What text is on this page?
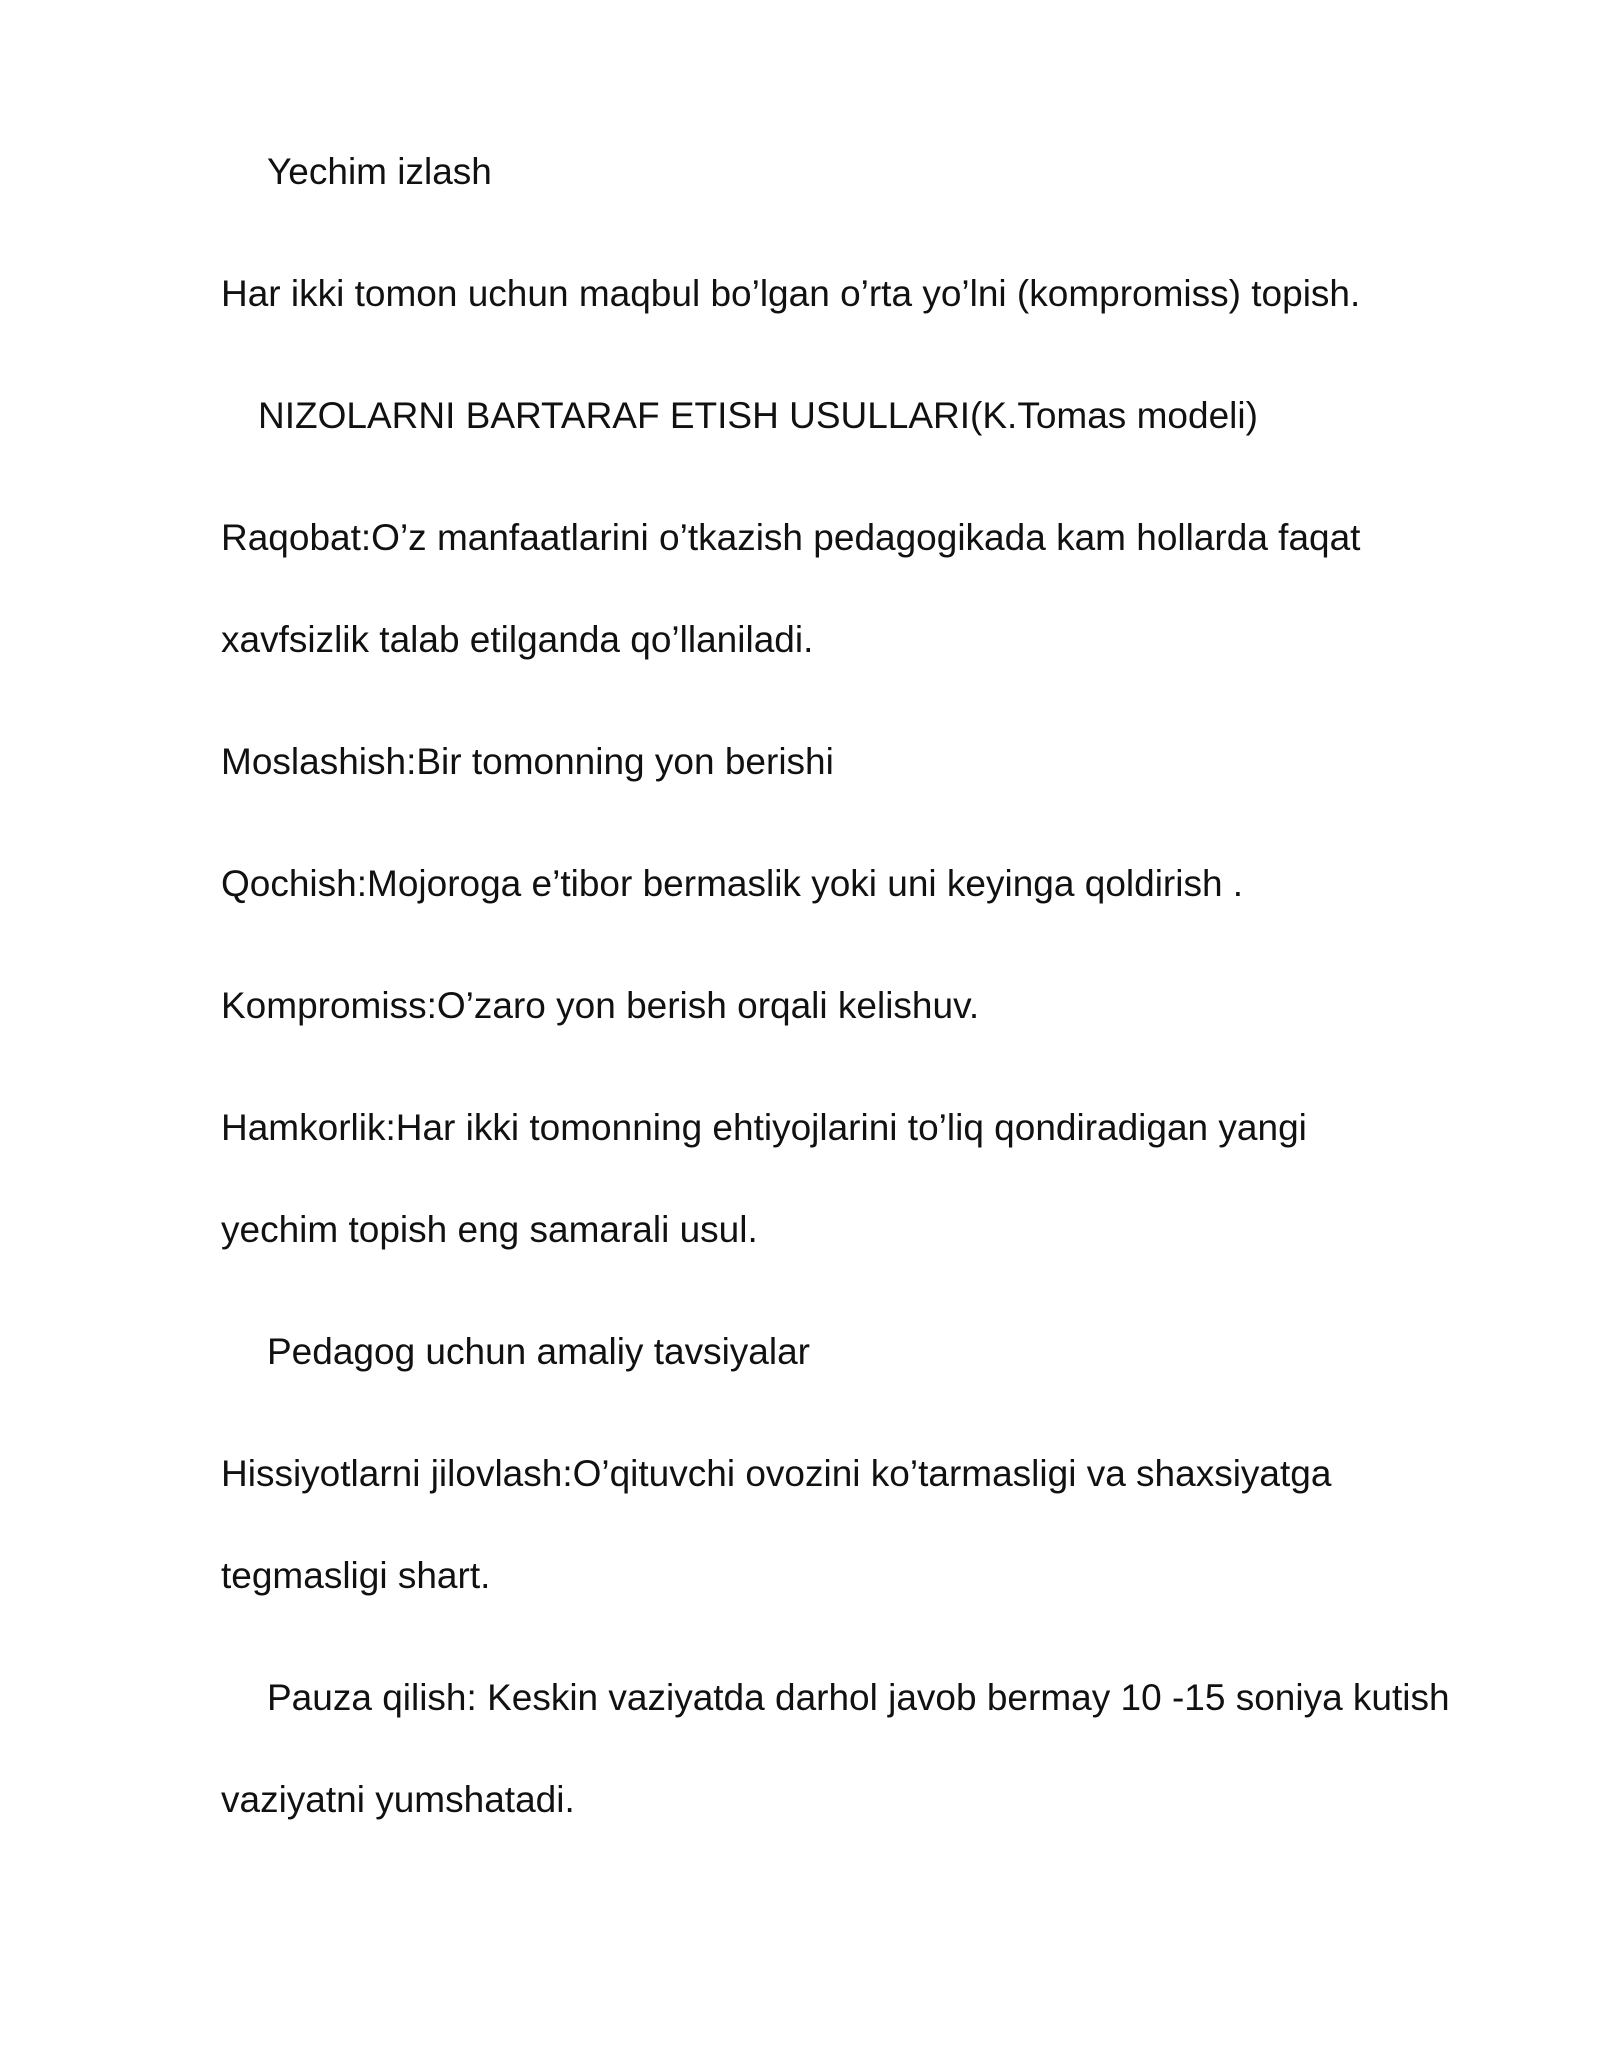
Yechim izlash

Har ikki tomon uchun maqbul bo’lgan o’rta yo’lni (kompromiss) topish.

NIZOLARNI BARTARAF ETISH USULLARI(K.Tomas modeli)

Raqobat:O’z manfaatlarini o’tkazish pedagogikada kam hollarda faqat

xavfsizlik talab etilganda qo’llaniladi.

Moslashish:Bir tomonning yon berishi

Qochish:Mojoroga e’tibor bermaslik yoki uni keyinga qoldirish .

Kompromiss:O’zaro yon berish orqali kelishuv.

Hamkorlik:Har ikki tomonning ehtiyojlarini to’liq qondiradigan yangi

yechim topish eng samarali usul.

Pedagog uchun amaliy tavsiyalar

Hissiyotlarni jilovlash:O’qituvchi ovozini ko’tarmasligi va shaxsiyatga

tegmasligi shart.

Pauza qilish: Keskin vaziyatda darhol javob bermay 10 -15 soniya kutish

vaziyatni yumshatadi.
